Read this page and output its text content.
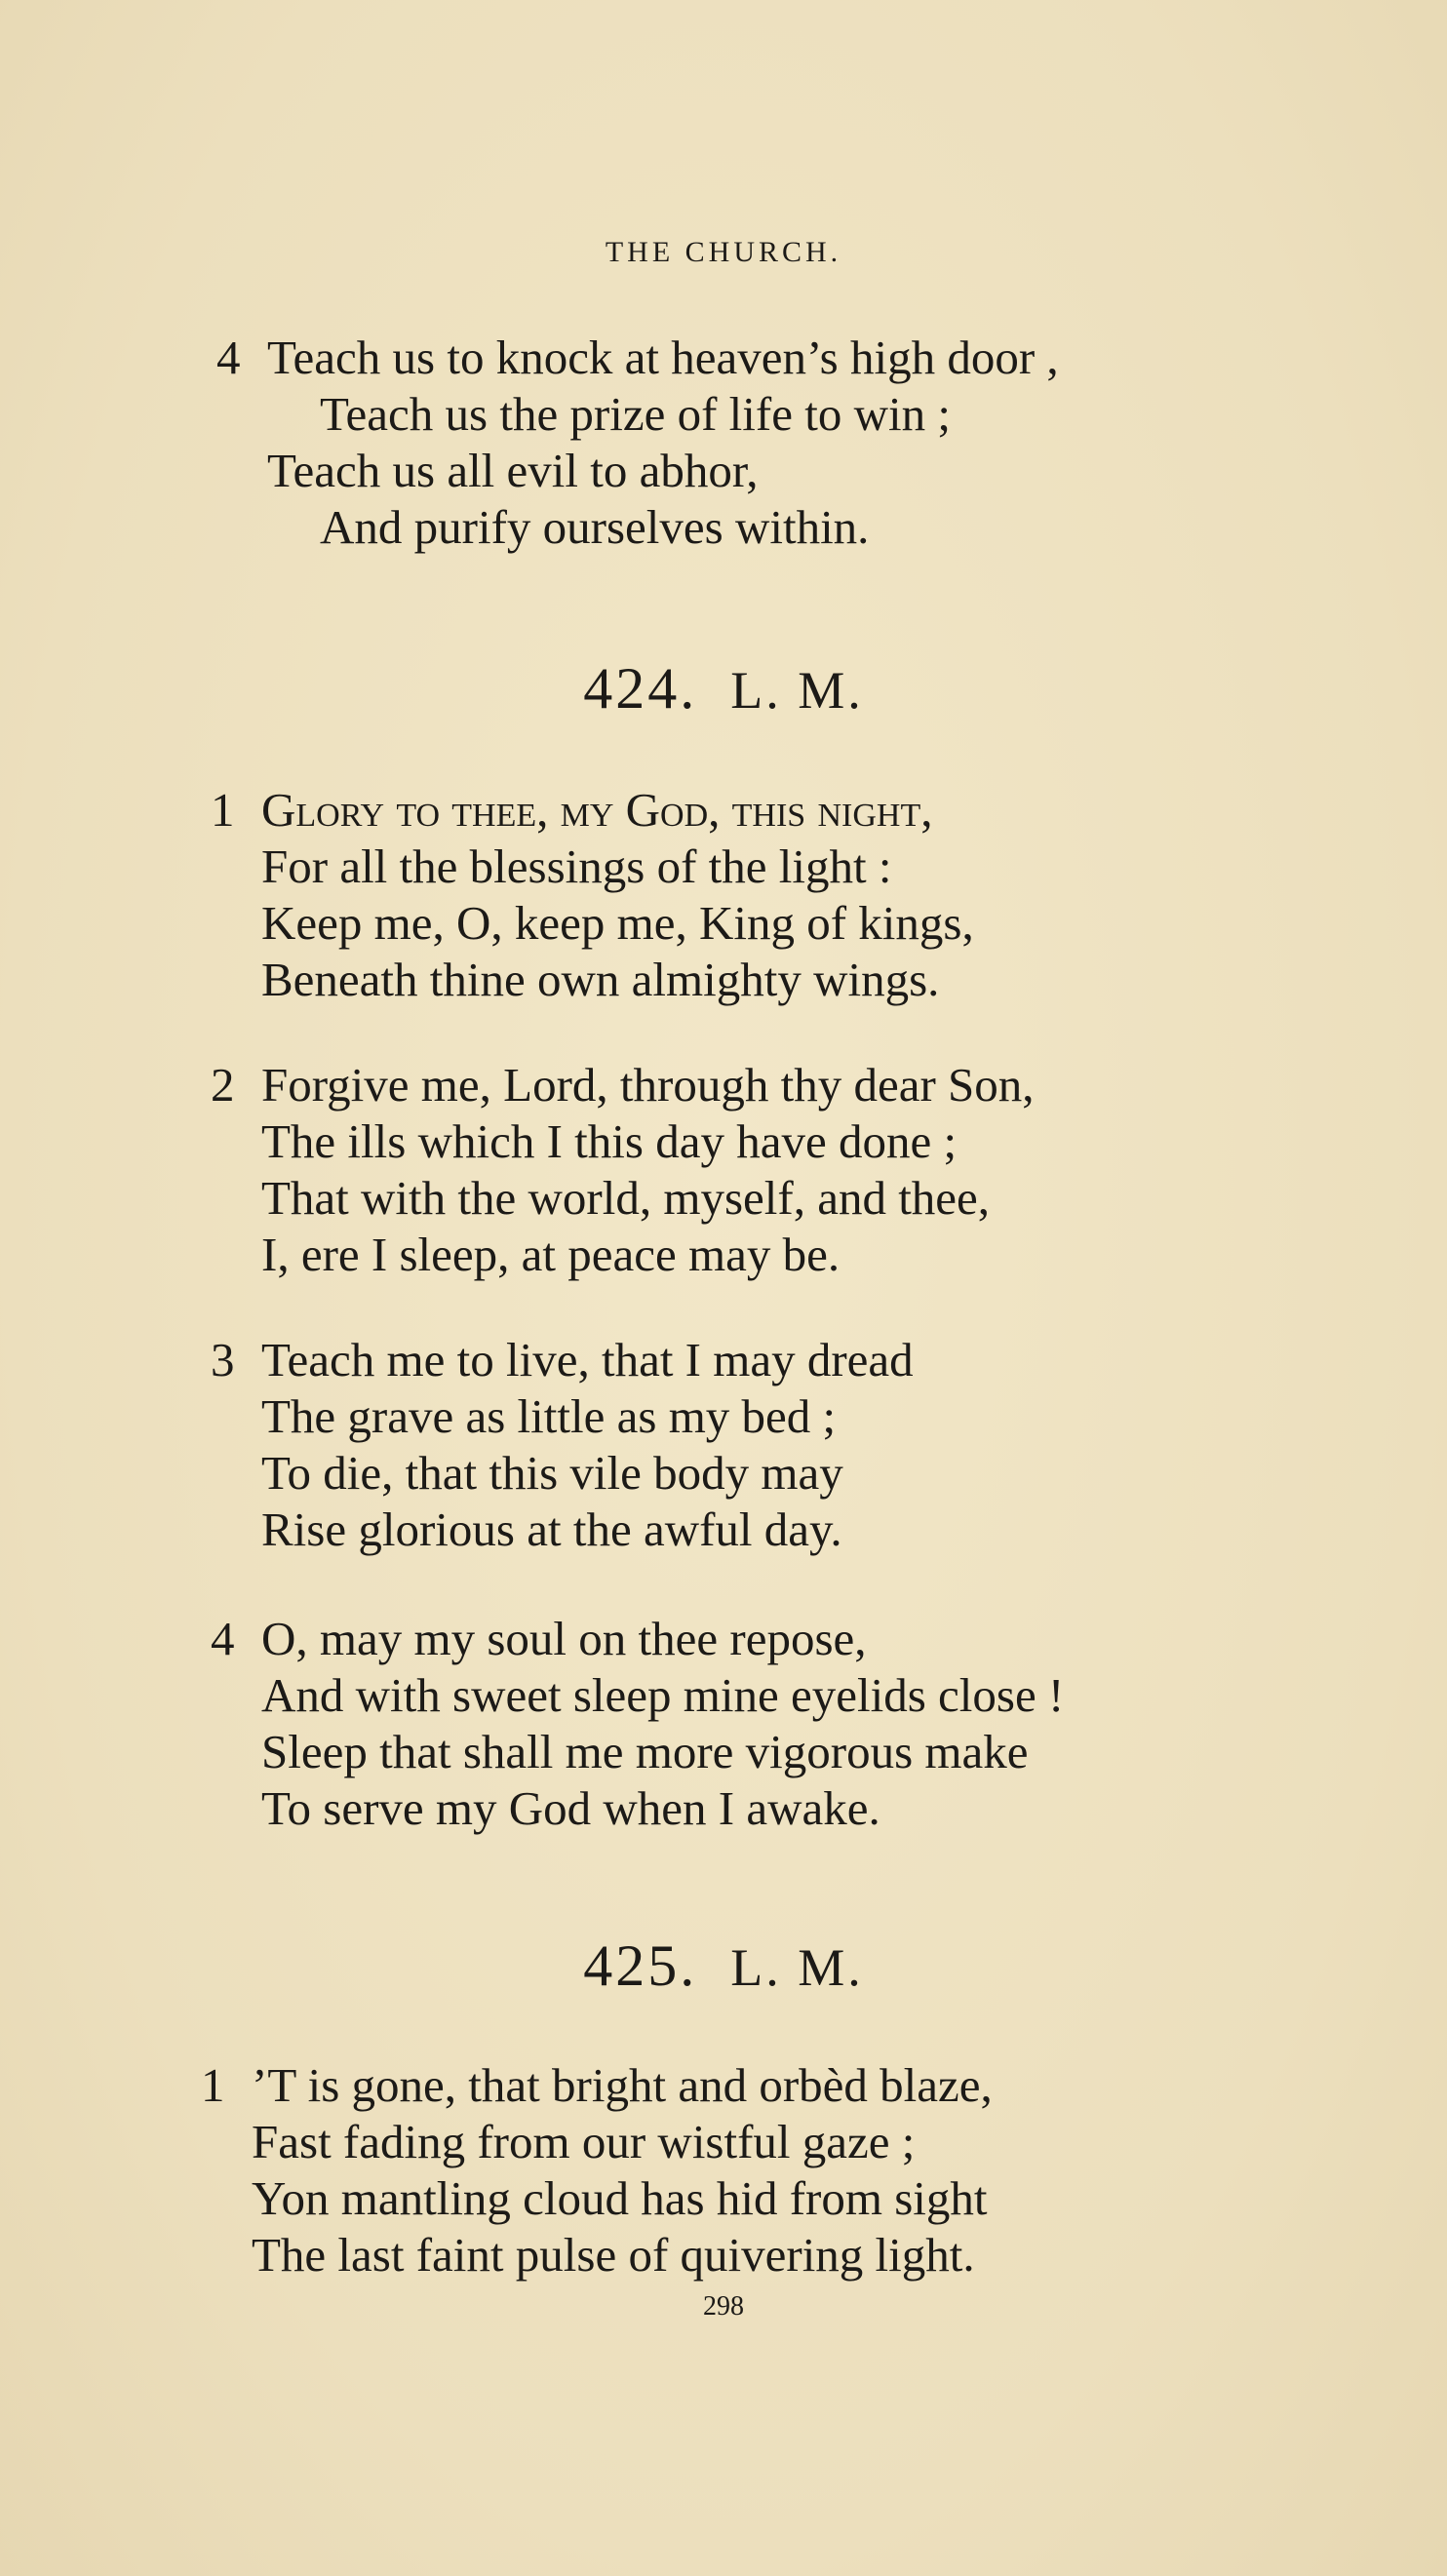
THE CHURCH.
4 Teach us to knock at heaven’s high door ,
Teach us the prize of life to win ;
Teach us all evil to abhor,
And purify ourselves within.
424. L. M.
1 Glory to thee, my God, this night,
For all the blessings of the light :
Keep me, O, keep me, King of kings,
Beneath thine own almighty wings.
2 Forgive me, Lord, through thy dear Son,
The ills which I this day have done ;
That with the world, myself, and thee,
I, ere I sleep, at peace may be.
3 Teach me to live, that I may dread
The grave as little as my bed ;
To die, that this vile body may
Rise glorious at the awful day.
4 O, may my soul on thee repose,
And with sweet sleep mine eyelids close !
Sleep that shall me more vigorous make
To serve my God when I awake.
425. L. M.
1 ’T is gone, that bright and orbèd blaze,
Fast fading from our wistful gaze ;
Yon mantling cloud has hid from sight
The last faint pulse of quivering light.
298
